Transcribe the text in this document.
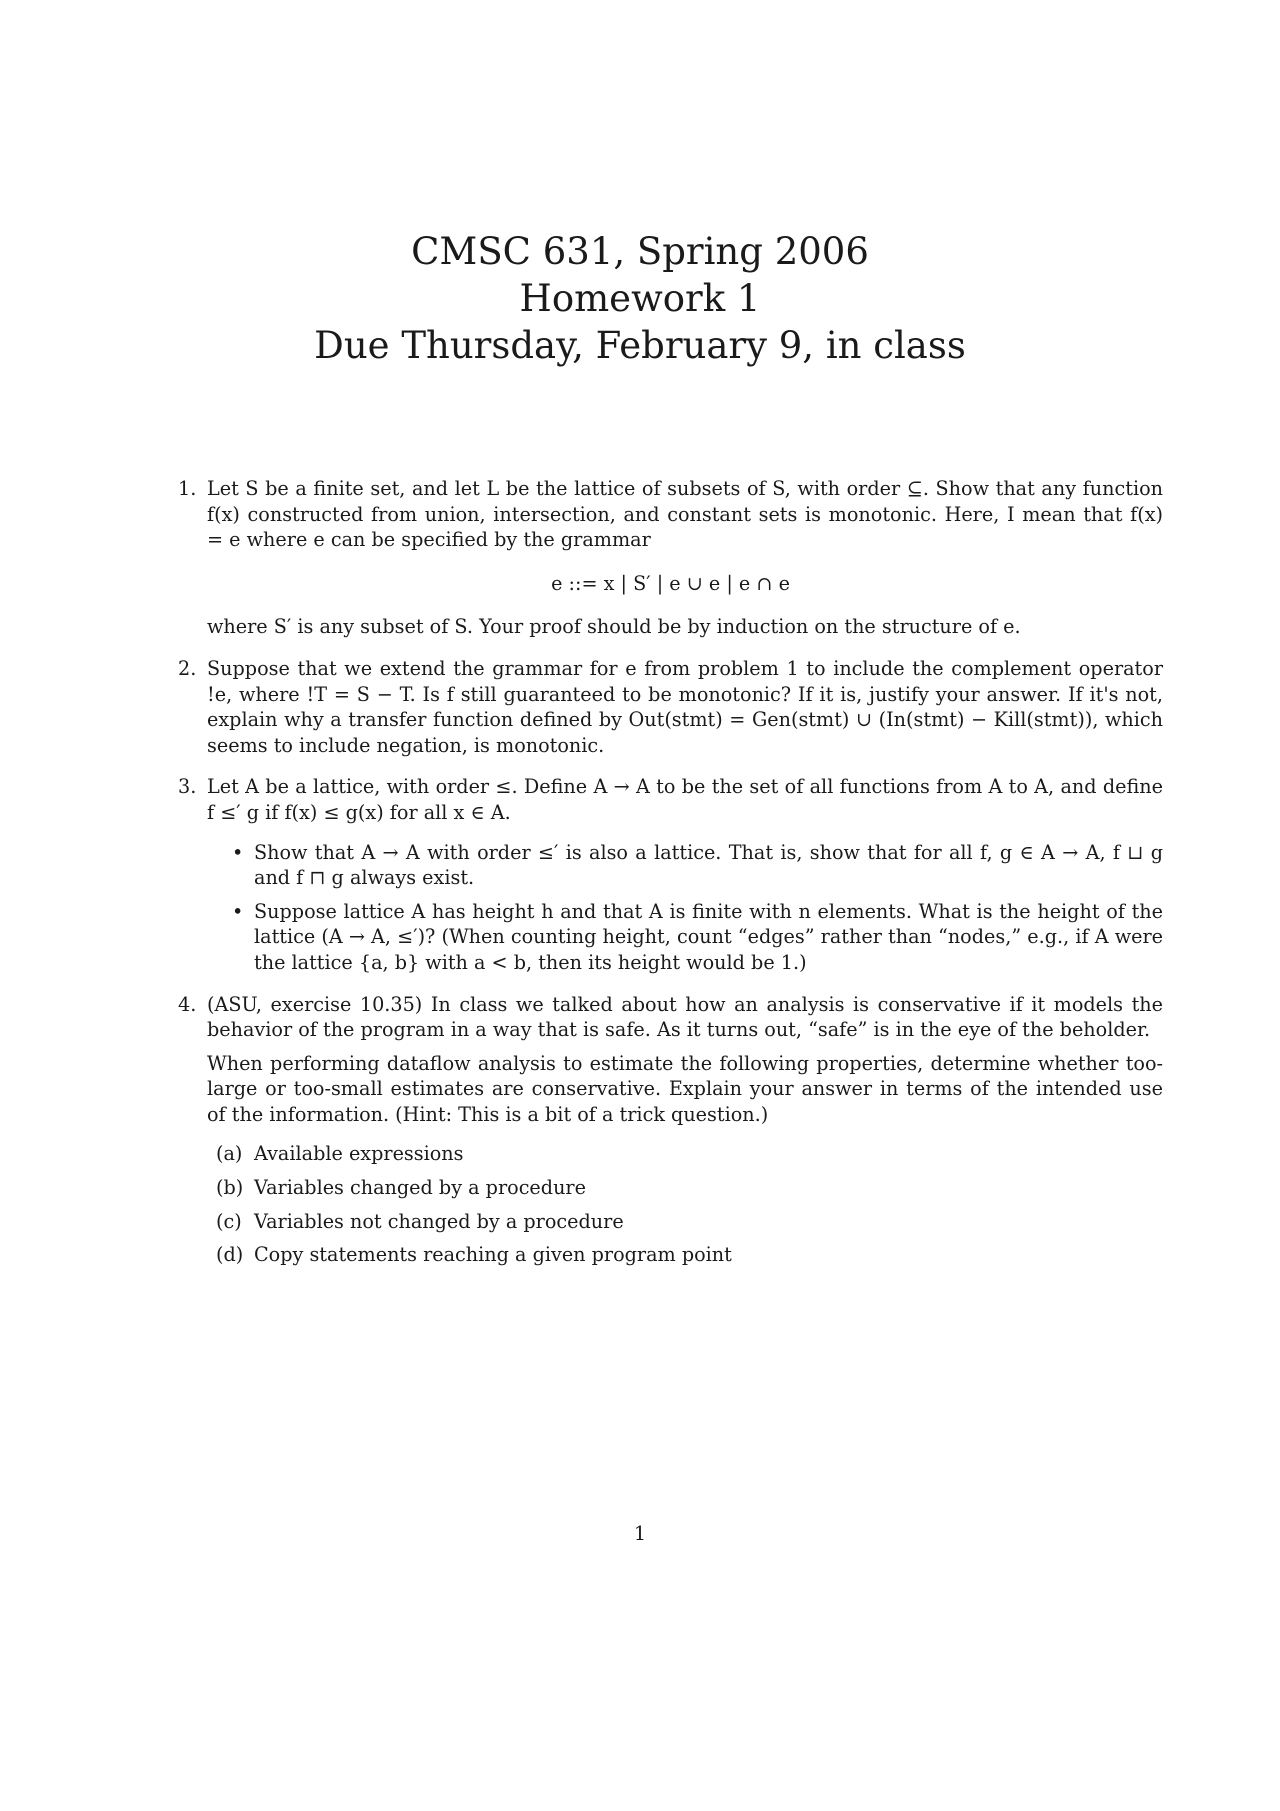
CMSC 631, Spring 2006
Homework 1
Due Thursday, February 9, in class
1. Let S be a finite set, and let L be the lattice of subsets of S, with order ⊆. Show that any function f(x) constructed from union, intersection, and constant sets is monotonic. Here, I mean that f(x) = e where e can be specified by the grammar

e ::= x | S′ | e ∪ e | e ∩ e

where S′ is any subset of S. Your proof should be by induction on the structure of e.

2. Suppose that we extend the grammar for e from problem 1 to include the complement operator !e, where !T = S − T. Is f still guaranteed to be monotonic? If it is, justify your answer. If it's not, explain why a transfer function defined by Out(stmt) = Gen(stmt) ∪ (In(stmt) − Kill(stmt)), which seems to include negation, is monotonic.

3. Let A be a lattice, with order ≤. Define A → A to be the set of all functions from A to A, and define f ≤′ g if f(x) ≤ g(x) for all x ∈ A.

• Show that A → A with order ≤′ is also a lattice. That is, show that for all f, g ∈ A → A, f ⊔ g and f ⊓ g always exist.
• Suppose lattice A has height h and that A is finite with n elements. What is the height of the lattice (A → A, ≤′)? (When counting height, count “edges” rather than “nodes,” e.g., if A were the lattice {a, b} with a < b, then its height would be 1.)
4. (ASU, exercise 10.35) In class we talked about how an analysis is conservative if it models the behavior of the program in a way that is safe. As it turns out, “safe” is in the eye of the beholder.

When performing dataflow analysis to estimate the following properties, determine whether too-large or too-small estimates are conservative. Explain your answer in terms of the intended use of the information. (Hint: This is a bit of a trick question.)

(a) Available expressions
(b) Variables changed by a procedure
(c) Variables not changed by a procedure
(d) Copy statements reaching a given program point
1
